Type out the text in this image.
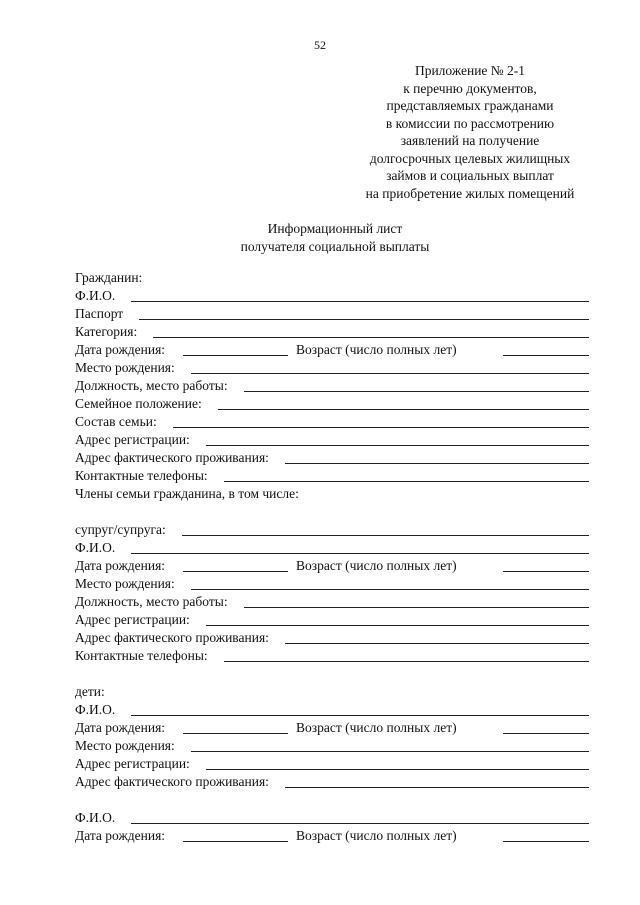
52
Приложение № 2-1
к перечню документов,
представляемых гражданами
в комиссии по рассмотрению
заявлений на получение
долгосрочных целевых жилищных
займов и социальных выплат
на приобретение жилых помещений
Информационный лист
получателя социальной выплаты
Гражданин:
Ф.И.О.
Паспорт
Категория:
Дата рождения:	Возраст (число полных лет)
Место рождения:
Должность, место работы:
Семейное положение:
Состав семьи:
Адрес регистрации:
Адрес фактического проживания:
Контактные телефоны:
Члены семьи гражданина, в том числе:
супруг/супруга:
Ф.И.О.
Дата рождения:	Возраст (число полных лет)
Место рождения:
Должность, место работы:
Адрес регистрации:
Адрес фактического проживания:
Контактные телефоны:
дети:
Ф.И.О.
Дата рождения:	Возраст (число полных лет)
Место рождения:
Адрес регистрации:
Адрес фактического проживания:
Ф.И.О.
Дата рождения:	Возраст (число полных лет)
